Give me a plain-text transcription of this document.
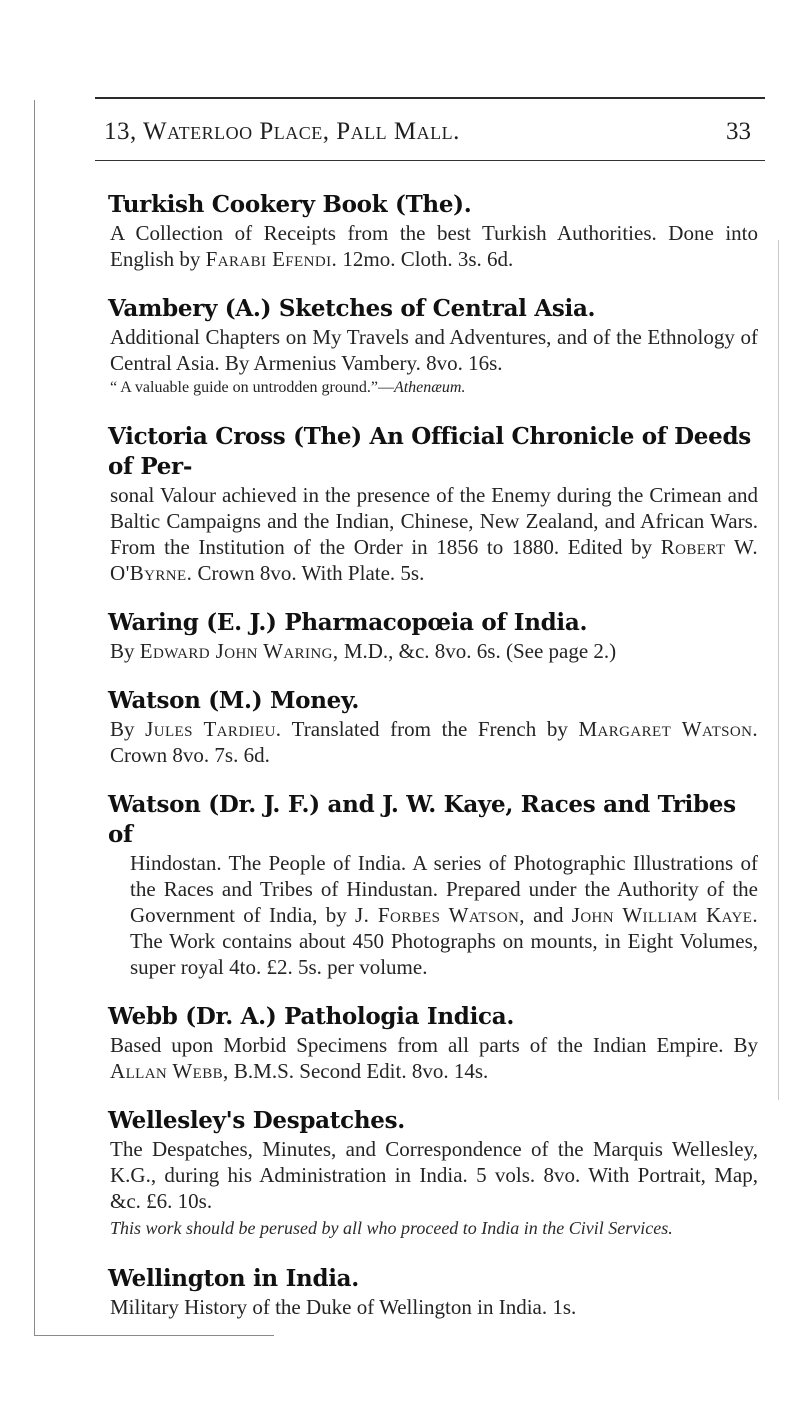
13, Waterloo Place, Pall Mall.	33
Turkish Cookery Book (The).
A Collection of Receipts from the best Turkish Authorities. Done into English by Farabi Efendi. 12mo. Cloth. 3s. 6d.
Vambery (A.) Sketches of Central Asia.
Additional Chapters on My Travels and Adventures, and of the Ethnology of Central Asia. By Armenius Vambery. 8vo. 16s.
“ A valuable guide on untrodden ground.”—Athenæum.
Victoria Cross (The) An Official Chronicle of Deeds of Per-
sonal Valour achieved in the presence of the Enemy during the Crimean and Baltic Campaigns and the Indian, Chinese, New Zealand, and African Wars. From the Institution of the Order in 1856 to 1880. Edited by Robert W. O'Byrne. Crown 8vo. With Plate. 5s.
Waring (E. J.) Pharmacopœia of India.
By Edward John Waring, M.D., &c. 8vo. 6s. (See page 2.)
Watson (M.) Money.
By Jules Tardieu. Translated from the French by Margaret Watson. Crown 8vo. 7s. 6d.
Watson (Dr. J. F.) and J. W. Kaye, Races and Tribes of
Hindostan. The People of India. A series of Photographic Illustrations of the Races and Tribes of Hindustan. Prepared under the Authority of the Government of India, by J. Forbes Watson, and John William Kaye. The Work contains about 450 Photographs on mounts, in Eight Volumes, super royal 4to. £2. 5s. per volume.
Webb (Dr. A.) Pathologia Indica.
Based upon Morbid Specimens from all parts of the Indian Empire. By Allan Webb, B.M.S. Second Edit. 8vo. 14s.
Wellesley's Despatches.
The Despatches, Minutes, and Correspondence of the Marquis Wellesley, K.G., during his Administration in India. 5 vols. 8vo. With Portrait, Map, &c. £6. 10s.
This work should be perused by all who proceed to India in the Civil Services.
Wellington in India.
Military History of the Duke of Wellington in India. 1s.
